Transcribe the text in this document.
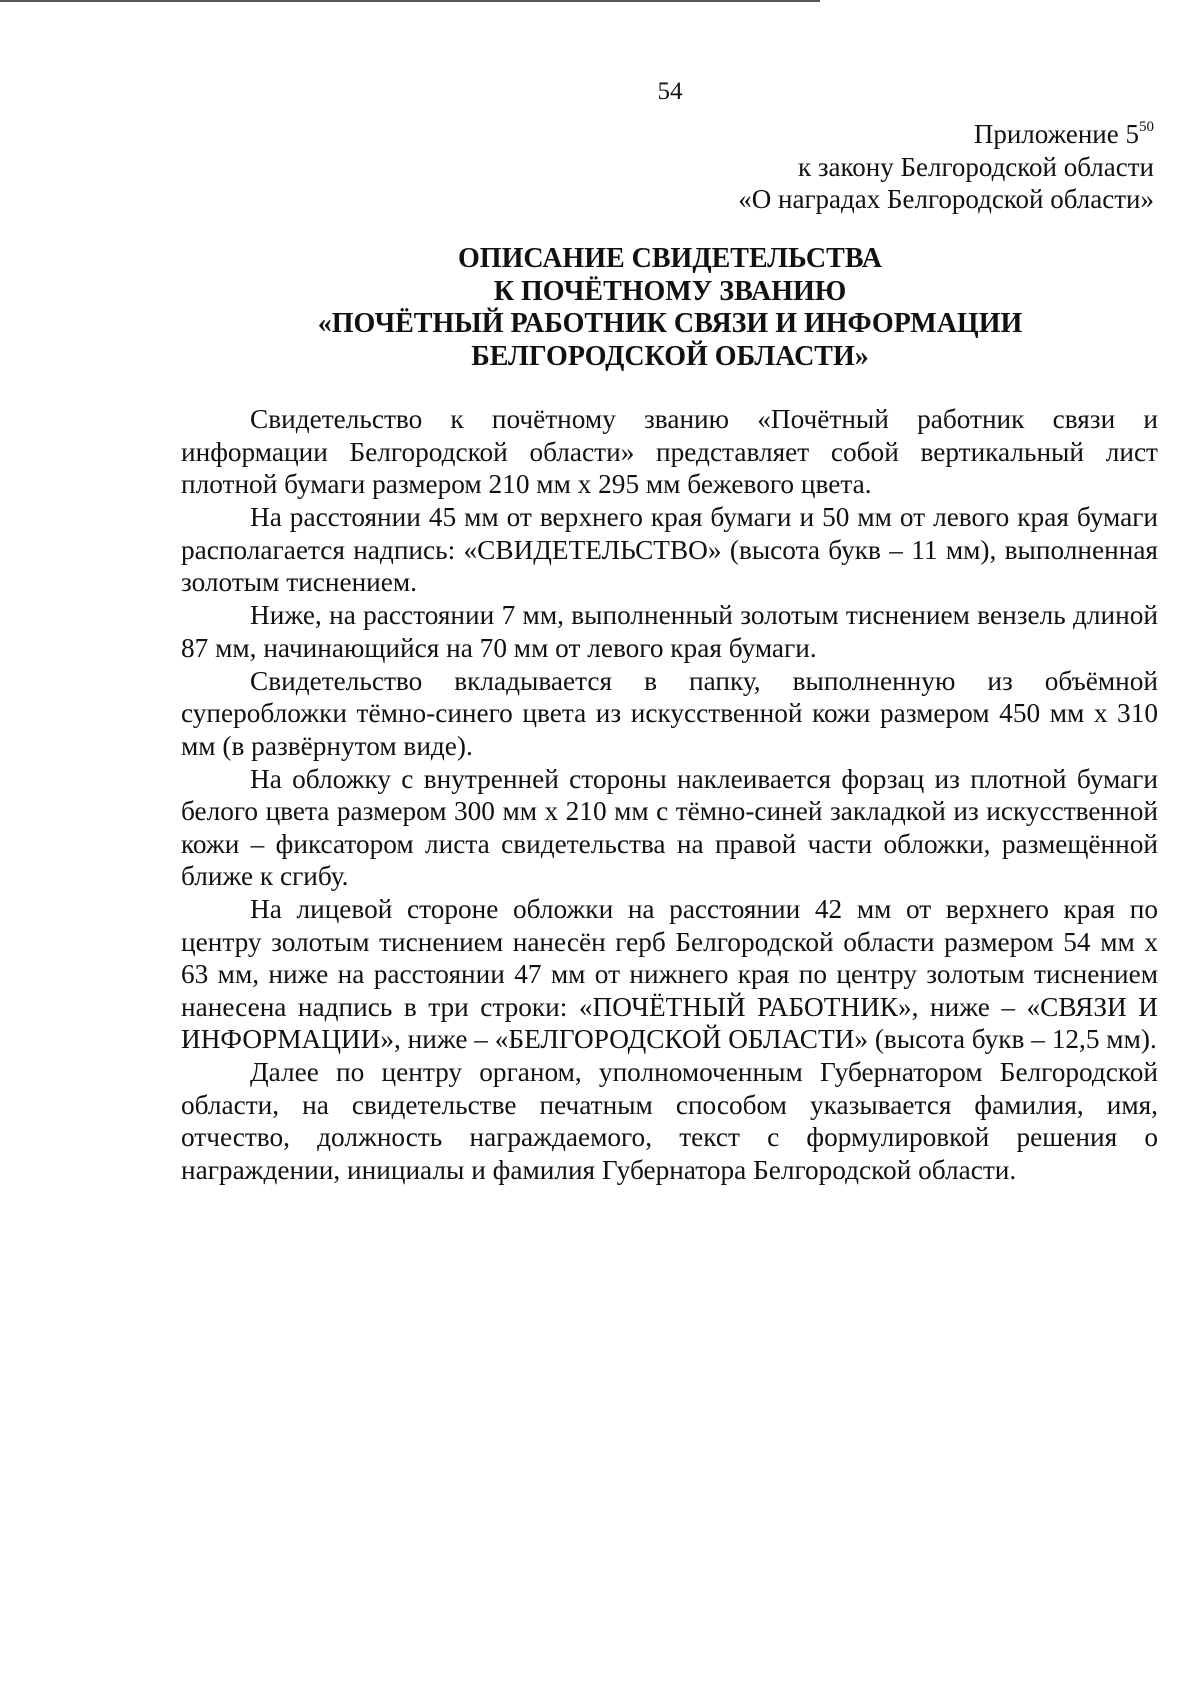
54
Приложение $5^{50}$
к закону Белгородской области
«О наградах Белгородской области»
ОПИСАНИЕ СВИДЕТЕЛЬСТВА
К ПОЧЁТНОМУ ЗВАНИЮ
«ПОЧЁТНЫЙ РАБОТНИК СВЯЗИ И ИНФОРМАЦИИ
БЕЛГОРОДСКОЙ ОБЛАСТИ»

Свидетельство к почётному званию «Почётный работник связи и информации Белгородской области» представляет собой вертикальный лист плотной бумаги размером 210 мм х 295 мм бежевого цвета.

На расстоянии 45 мм от верхнего края бумаги и 50 мм от левого края бумаги располагается надпись: «СВИДЕТЕЛЬСТВО» (высота букв – 11 мм), выполненная золотым тиснением.

Ниже, на расстоянии 7 мм, выполненный золотым тиснением вензель длиной 87 мм, начинающийся на 70 мм от левого края бумаги.

Свидетельство вкладывается в папку, выполненную из объёмной суперобложки тёмно-синего цвета из искусственной кожи размером 450 мм х 310 мм (в развёрнутом виде).

На обложку с внутренней стороны наклеивается форзац из плотной бумаги белого цвета размером 300 мм х 210 мм с тёмно-синей закладкой из искусственной кожи – фиксатором листа свидетельства на правой части обложки, размещённой ближе к сгибу.

На лицевой стороне обложки на расстоянии 42 мм от верхнего края по центру золотым тиснением нанесён герб Белгородской области размером 54 мм х 63 мм, ниже на расстоянии 47 мм от нижнего края по центру золотым тиснением нанесена надпись в три строки: «ПОЧЁТНЫЙ РАБОТНИК», ниже – «СВЯЗИ И ИНФОРМАЦИИ», ниже – «БЕЛГОРОДСКОЙ ОБЛАСТИ» (высота букв – 12,5 мм).

Далее по центру органом, уполномоченным Губернатором Белгородской области, на свидетельстве печатным способом указывается фамилия, имя, отчество, должность награждаемого, текст с формулировкой решения о награждении, инициалы и фамилия Губернатора Белгородской области.
